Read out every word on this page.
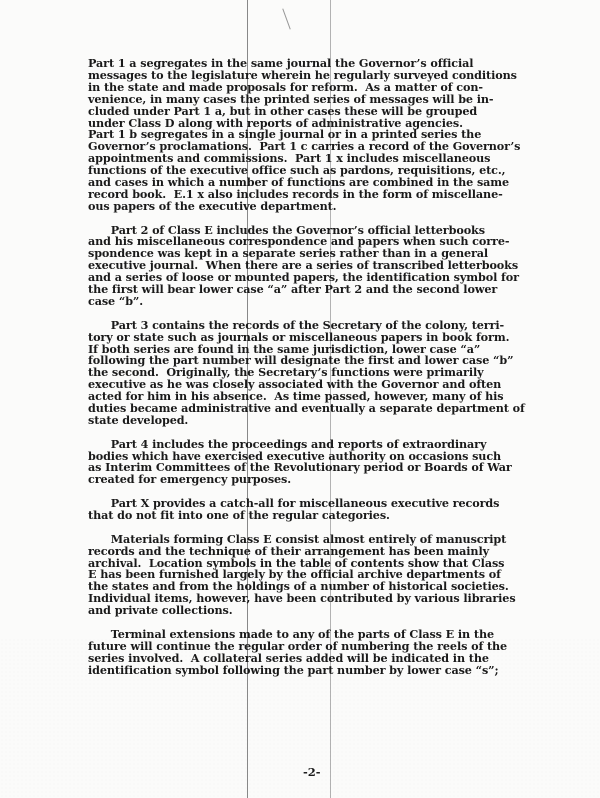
Part 1 a segregates in the same journal the Governor’s official
messages to the legislature wherein he regularly surveyed conditions
in the state and made proposals for reform.  As a matter of con-
venience, in many cases the printed series of messages will be in-
cluded under Part 1 a, but in other cases these will be grouped
under Class D along with reports of administrative agencies.
Part 1 b segregates in a single journal or in a printed series the
Governor’s proclamations.  Part 1 c carries a record of the Governor’s
appointments and commissions.  Part 1 x includes miscellaneous
functions of the executive office such as pardons, requisitions, etc.,
and cases in which a number of functions are combined in the same
record book.  E.1 x also includes records in the form of miscellane-
ous papers of the executive department.

Part 2 of Class E includes the Governor’s official letterbooks
and his miscellaneous correspondence and papers when such corre-
spondence was kept in a separate series rather than in a general
executive journal.  When there are a series of transcribed letterbooks
and a series of loose or mounted papers, the identification symbol for
the first will bear lower case “a” after Part 2 and the second lower
case “b”.

Part 3 contains the records of the Secretary of the colony, terri-
tory or state such as journals or miscellaneous papers in book form.
If both series are found in the same jurisdiction, lower case “a”
following the part number will designate the first and lower case “b”
the second.  Originally, the Secretary’s functions were primarily
executive as he was closely associated with the Governor and often
acted for him in his absence.  As time passed, however, many of his
duties became administrative and eventually a separate department of
state developed.

Part 4 includes the proceedings and reports of extraordinary
bodies which have exercised executive authority on occasions such
as Interim Committees of the Revolutionary period or Boards of War
created for emergency purposes.

Part X provides a catch-all for miscellaneous executive records
that do not fit into one of the regular categories.

Materials forming Class E consist almost entirely of manuscript
records and the technique of their arrangement has been mainly
archival.  Location symbols in the table of contents show that Class
E has been furnished largely by the official archive departments of
the states and from the holdings of a number of historical societies.
Individual items, however, have been contributed by various libraries
and private collections.

Terminal extensions made to any of the parts of Class E in the
future will continue the regular order of numbering the reels of the
series involved.  A collateral series added will be indicated in the
identification symbol following the part number by lower case “s”;

-2-
